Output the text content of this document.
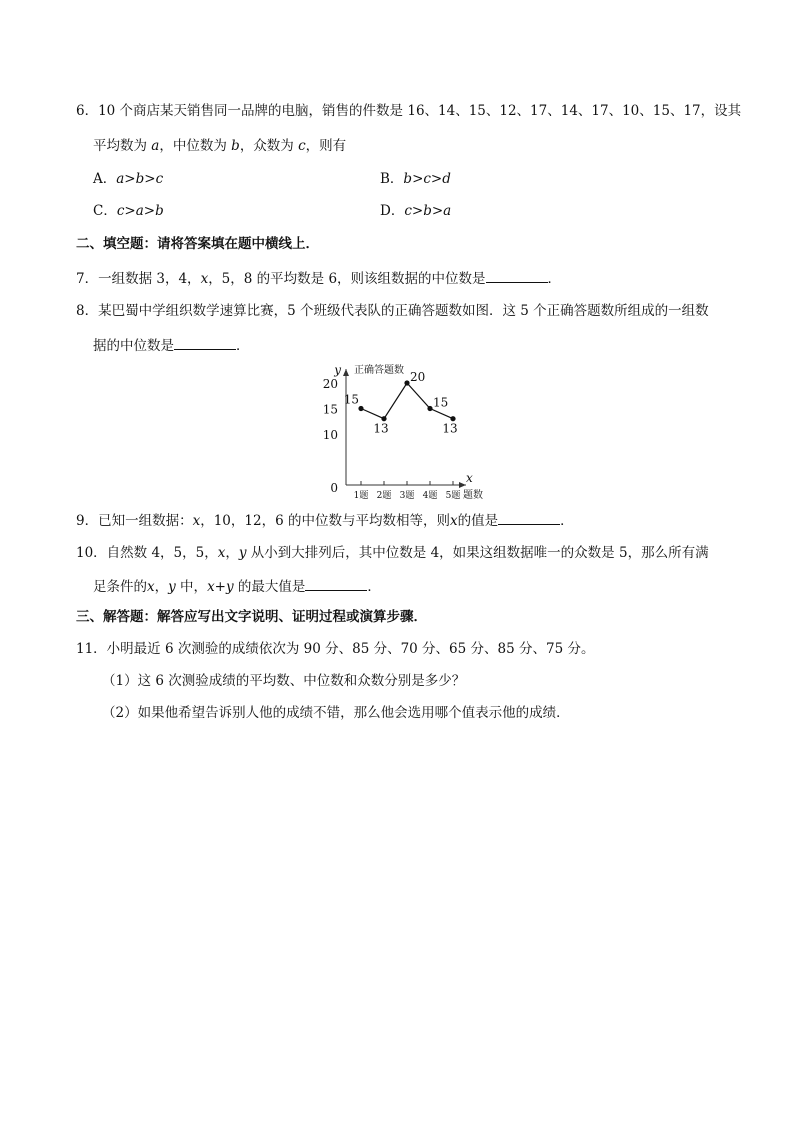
6．10 个商店某天销售同一品牌的电脑，销售的件数是 16、14、15、12、17、14、17、10、15、17，设其
平均数为 a，中位数为 b，众数为 c，则有
A．a>b>c	B．b>c>d
C．c>a>b	D．c>b>a
二、填空题：请将答案填在题中横线上．
7．一组数据 3，4，x，5，8 的平均数是 6，则该组数据的中位数是	．
8．某巴蜀中学组织数学速算比赛，5 个班级代表队的正确答题数如图．这 5 个正确答题数所组成的一组数
据的中位数是	．
y 正确答题数
x
题数
20
15
10
0
1题 2题 3题 4题 5题
15
13
20
15
13
9．已知一组数据：x，10，12，6 的中位数与平均数相等，则x的值是	．
10．自然数 4，5，5，x，y 从小到大排列后，其中位数是 4，如果这组数据唯一的众数是 5，那么所有满
足条件的x，y 中，x+y 的最大值是	．
三、解答题：解答应写出文字说明、证明过程或演算步骤．
11．小明最近 6 次测验的成绩依次为 90 分、85 分、70 分、65 分、85 分、75 分。
（1）这 6 次测验成绩的平均数、中位数和众数分别是多少？
（2）如果他希望告诉别人他的成绩不错，那么他会选用哪个值表示他的成绩．
